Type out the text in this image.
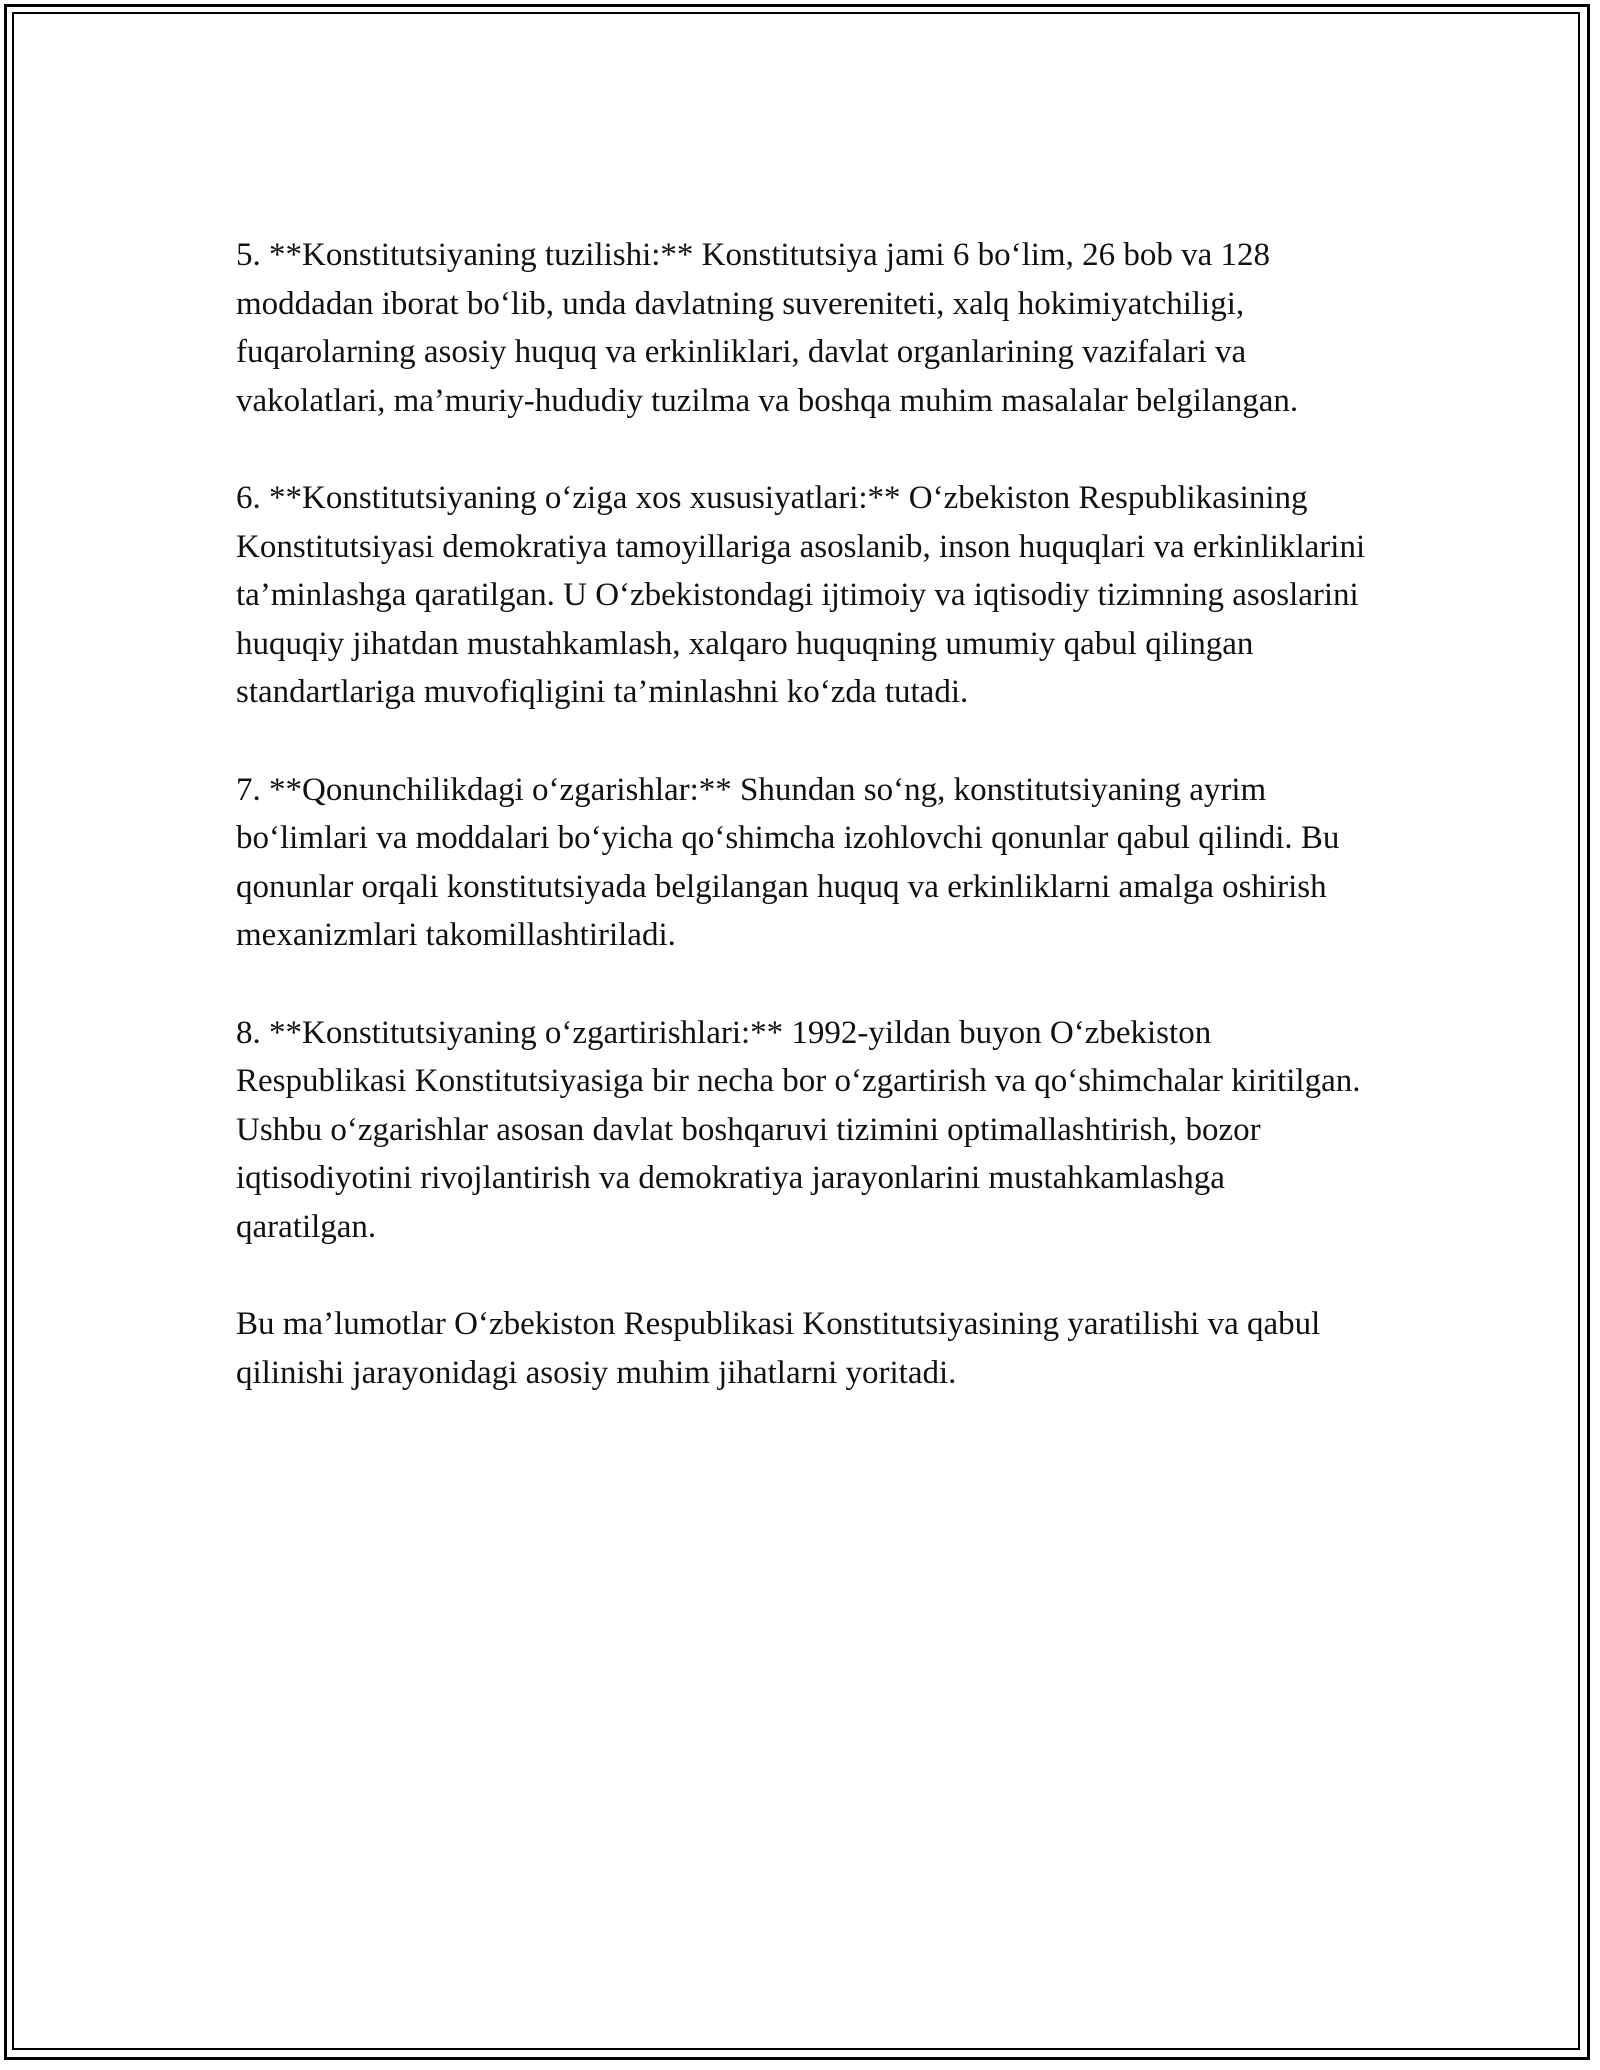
5. **Konstitutsiyaning tuzilishi:** Konstitutsiya jami 6 bo‘lim, 26 bob va 128 moddadan iborat bo‘lib, unda davlatning suvereniteti, xalq hokimiyatchiligi, fuqarolarning asosiy huquq va erkinliklari, davlat organlarining vazifalari va vakolatlari, ma’muriy-hududiy tuzilma va boshqa muhim masalalar belgilangan.

6. **Konstitutsiyaning o‘ziga xos xususiyatlari:** O‘zbekiston Respublikasining Konstitutsiyasi demokratiya tamoyillariga asoslanib, inson huquqlari va erkinliklarini ta’minlashga qaratilgan. U O‘zbekistondagi ijtimoiy va iqtisodiy tizimning asoslarini huquqiy jihatdan mustahkamlash, xalqaro huquqning umumiy qabul qilingan standartlariga muvofiqligini ta’minlashni ko‘zda tutadi.

7. **Qonunchilikdagi o‘zgarishlar:** Shundan so‘ng, konstitutsiyaning ayrim bo‘limlari va moddalari bo‘yicha qo‘shimcha izohlovchi qonunlar qabul qilindi. Bu qonunlar orqali konstitutsiyada belgilangan huquq va erkinliklarni amalga oshirish mexanizmlari takomillashtiriladi.

8. **Konstitutsiyaning o‘zgartirishlari:** 1992-yildan buyon O‘zbekiston Respublikasi Konstitutsiyasiga bir necha bor o‘zgartirish va qo‘shimchalar kiritilgan. Ushbu o‘zgarishlar asosan davlat boshqaruvi tizimini optimallashtirish, bozor iqtisodiyotini rivojlantirish va demokratiya jarayonlarini mustahkamlashga qaratilgan.

Bu ma’lumotlar O‘zbekiston Respublikasi Konstitutsiyasining yaratilishi va qabul qilinishi jarayonidagi asosiy muhim jihatlarni yoritadi.
